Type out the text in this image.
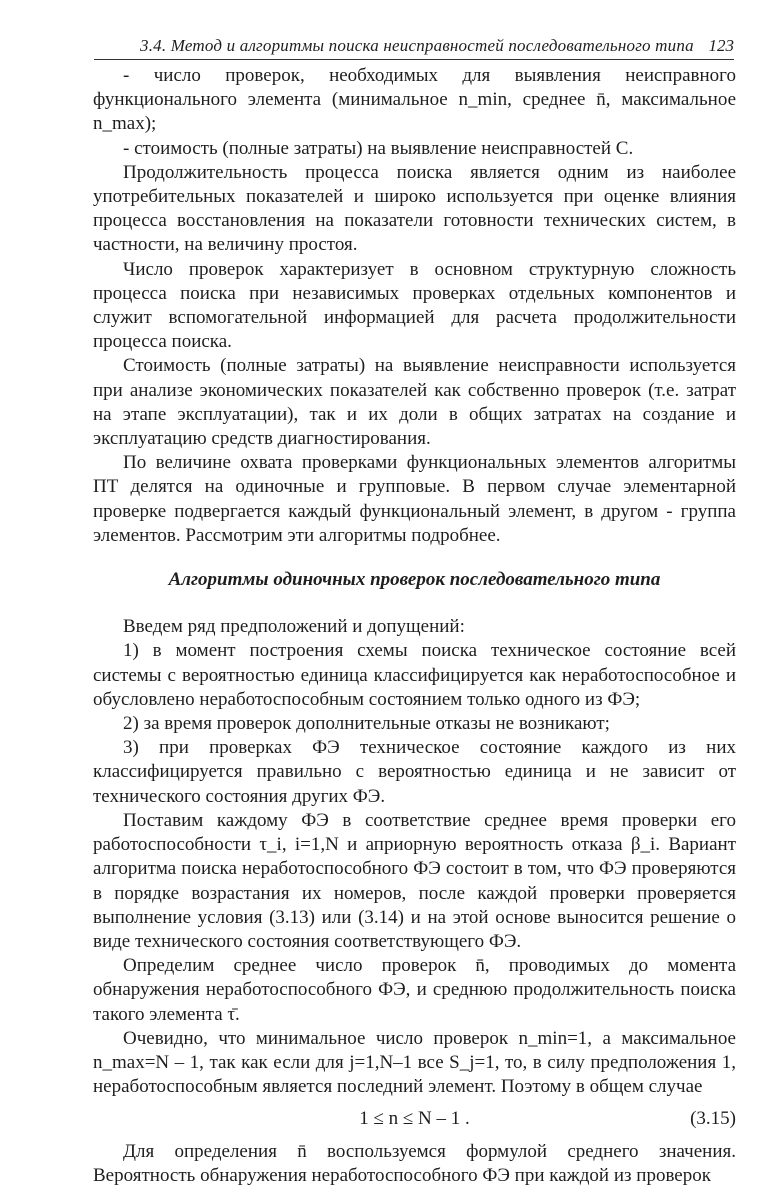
3.4. Метод и алгоритмы поиска неисправностей последовательного типа 123

- число проверок, необходимых для выявления неисправного функционального элемента (минимальное n_min, среднее n̄, максимальное n_max);

- стоимость (полные затраты) на выявление неисправностей С.

Продолжительность процесса поиска является одним из наиболее употребительных показателей и широко используется при оценке влияния процесса восстановления на показатели готовности технических систем, в частности, на величину простоя.

Число проверок характеризует в основном структурную сложность процесса поиска при независимых проверках отдельных компонентов и служит вспомогательной информацией для расчета продолжительности процесса поиска.

Стоимость (полные затраты) на выявление неисправности используется при анализе экономических показателей как собственно проверок (т.е. затрат на этапе эксплуатации), так и их доли в общих затратах на создание и эксплуатацию средств диагностирования.

По величине охвата проверками функциональных элементов алгоритмы ПТ делятся на одиночные и групповые. В первом случае элементарной проверке подвергается каждый функциональный элемент, в другом - группа элементов. Рассмотрим эти алгоритмы подробнее.

Алгоритмы одиночных проверок последовательного типа

Введем ряд предположений и допущений:

1) в момент построения схемы поиска техническое состояние всей системы с вероятностью единица классифицируется как неработоспособное и обусловлено неработоспособным состоянием только одного из ФЭ;

2) за время проверок дополнительные отказы не возникают;

3) при проверках ФЭ техническое состояние каждого из них классифицируется правильно с вероятностью единица и не зависит от технического состояния других ФЭ.

Поставим каждому ФЭ в соответствие среднее время проверки его работоспособности τ_i, i=1,N и априорную вероятность отказа β_i. Вариант алгоритма поиска неработоспособного ФЭ состоит в том, что ФЭ проверяются в порядке возрастания их номеров, после каждой проверки проверяется выполнение условия (3.13) или (3.14) и на этой основе выносится решение о виде технического состояния соответствующего ФЭ.

Определим среднее число проверок n̄, проводимых до момента обнаружения неработоспособного ФЭ, и среднюю продолжительность поиска такого элемента τ̄.

Очевидно, что минимальное число проверок n_min=1, а максимальное n_max=N – 1, так как если для j=1,N–1 все S_j=1, то, в силу предположения 1, неработоспособным является последний элемент. Поэтому в общем случае

1 ≤ n ≤ N – 1 .	(3.15)

Для определения n̄ воспользуемся формулой среднего значения. Вероятность обнаружения неработоспособного ФЭ при каждой из проверок
